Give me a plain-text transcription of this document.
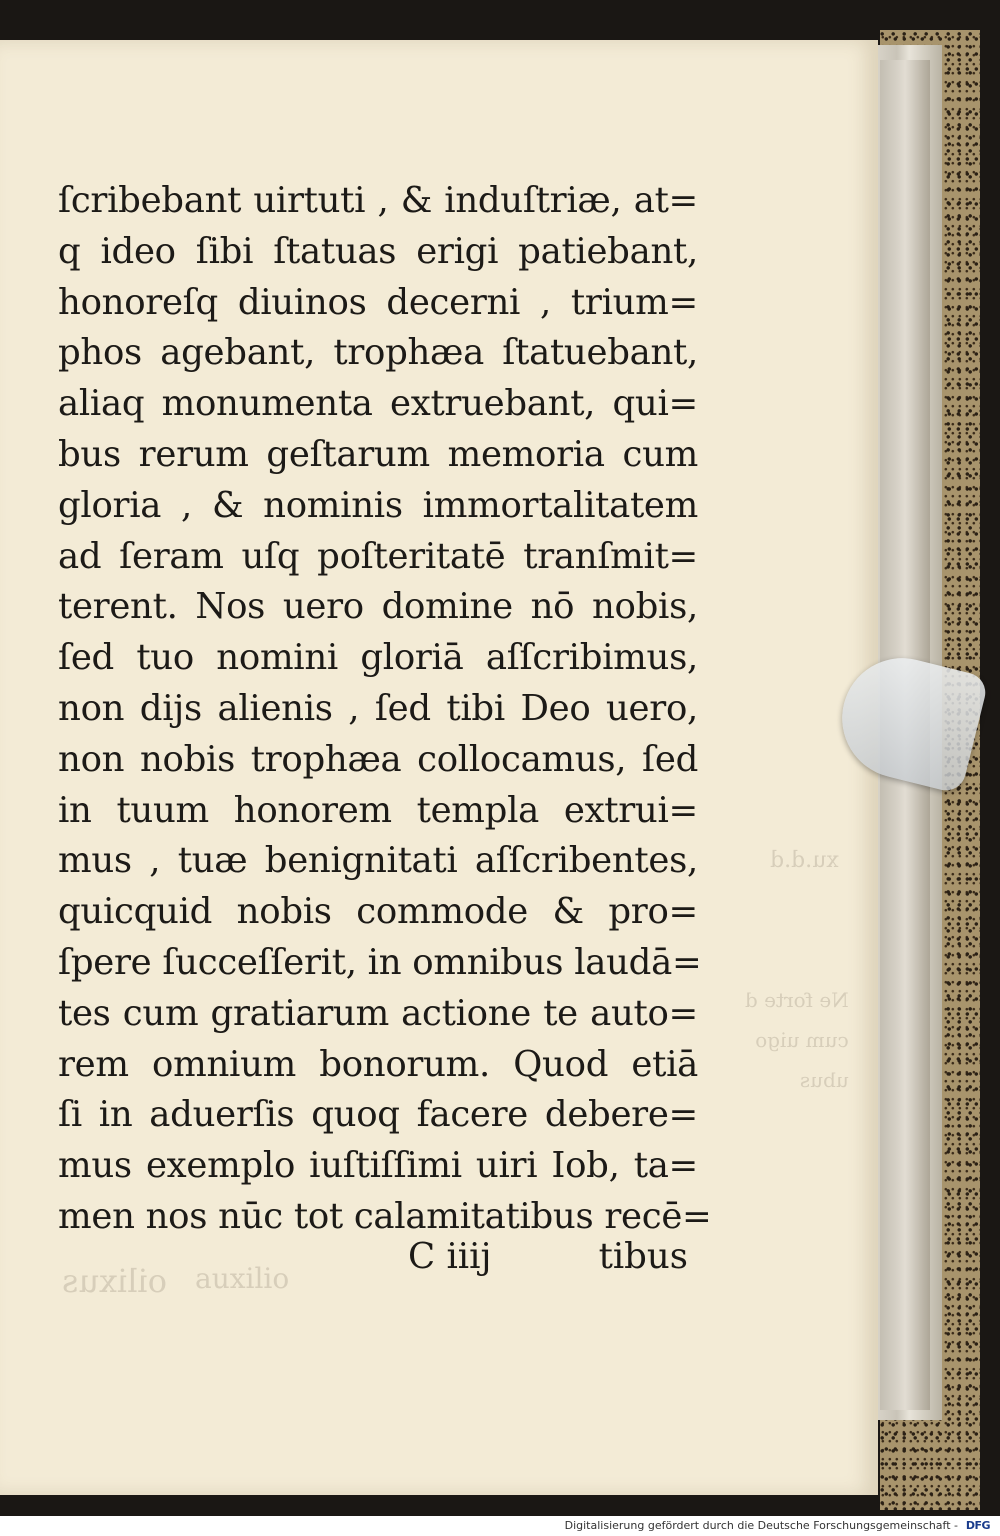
oilixus auxilio
Ne forte d
cum uigo
ubus
xu.d.d
ſcribebant uirtuti , & induſtriæ, at=
q ideo ſibi ſtatuas erigi patiebant,
honoreſq diuinos decerni , trium=
phos agebant, trophæa ſtatuebant,
aliaq monumenta extruebant, qui=
bus rerum geſtarum memoria cum
gloria , & nominis immortalitatem
ad ſeram uſq poſteritatē tranſmit=
terent. Nos uero domine nō nobis,
ſed tuo nomini gloriā aſſcribimus,
non dijs alienis , ſed tibi Deo uero,
non nobis trophæa collocamus, ſed
in tuum honorem templa extrui=
mus , tuæ benignitati aſſcribentes,
quicquid nobis commode & pro=
ſpere ſucceſſerit, in omnibus laudā=
tes cum gratiarum actione te auto=
rem omnium bonorum. Quod etiā
ſi in aduerſis quoq facere debere=
mus exemplo iuſtiſſimi uiri Iob, ta=
men nos nūc tot calamitatibus recē=
C iiij	tibus
Digitalisierung gefördert durch die Deutsche Forschungsgemeinschaft - DFG
